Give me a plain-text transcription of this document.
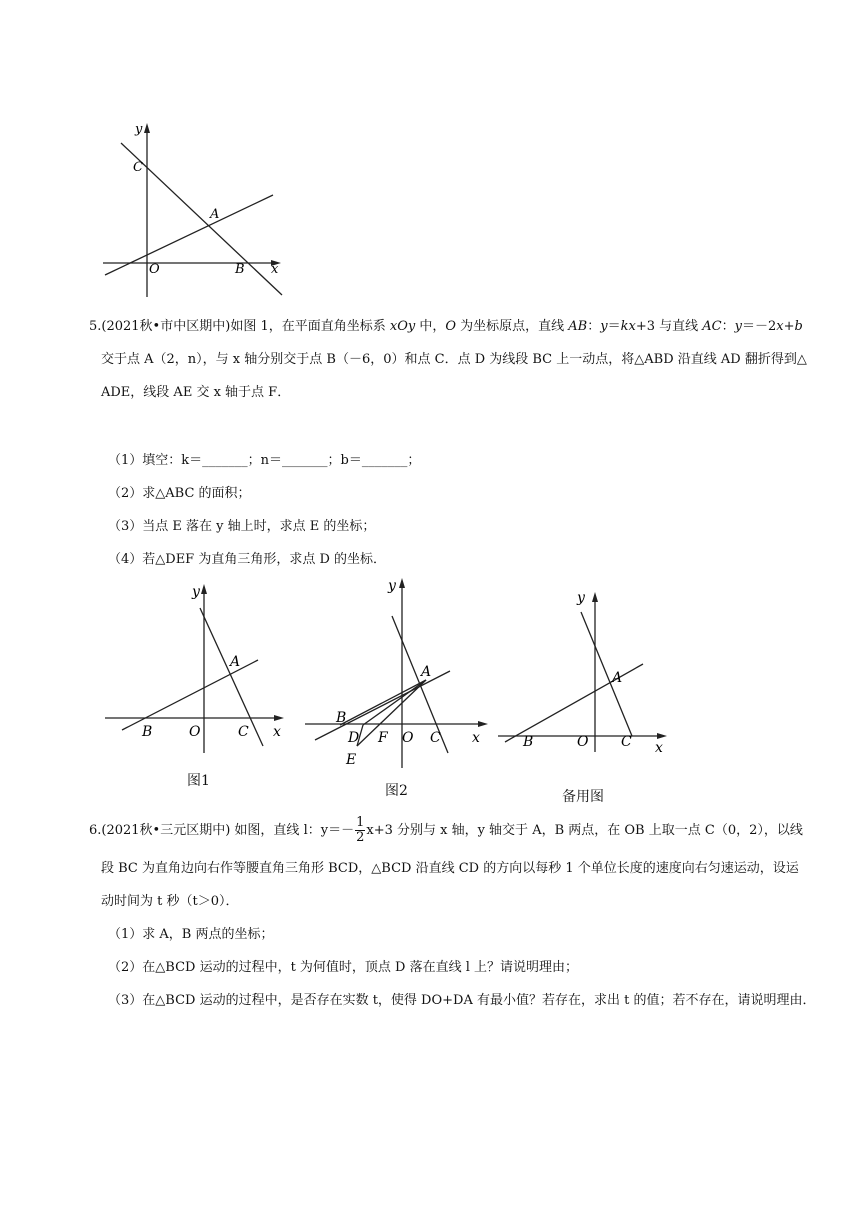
y
x
C
A
O	B
5.(2021秋•市中区期中)如图 1，在平面直角坐标系 xOy 中，O 为坐标原点，直线 AB：y＝kx+3 与直线 AC：y＝－2x+b
交于点 A（2，n），与 x 轴分别交于点 B（－6，0）和点 C．点 D 为线段 BC 上一动点，将△ABD 沿直线 AD 翻折得到△
ADE，线段 AE 交 x 轴于点 F．
（1）填空：k＝_______；n＝_______；b＝_______；
（2）求△ABC 的面积；
（3）当点 E 落在 y 轴上时，求点 E 的坐标；
（4）若△DEF 为直角三角形，求点 D 的坐标．
y
x
A
B	O	C
图1
y
x
A
B
D F O C
E
图2
y
x
A
B	O C
备用图
6.(2021秋•三元区期中) 如图，直线 l：$y=- \frac{1}{2} x+3$ 分别与 x 轴，y 轴交于 A，B 两点，在 OB 上取一点 C（0，2），以线
段 BC 为直角边向右作等腰直角三角形 BCD，△BCD 沿直线 CD 的方向以每秒 1 个单位长度的速度向右匀速运动，设运
动时间为 t 秒（t＞0）．
（1）求 A，B 两点的坐标；
（2）在△BCD 运动的过程中，t 为何值时，顶点 D 落在直线 l 上？请说明理由；
（3）在△BCD 运动的过程中，是否存在实数 t，使得 DO+DA 有最小值？若存在，求出 t 的值；若不存在，请说明理由．
